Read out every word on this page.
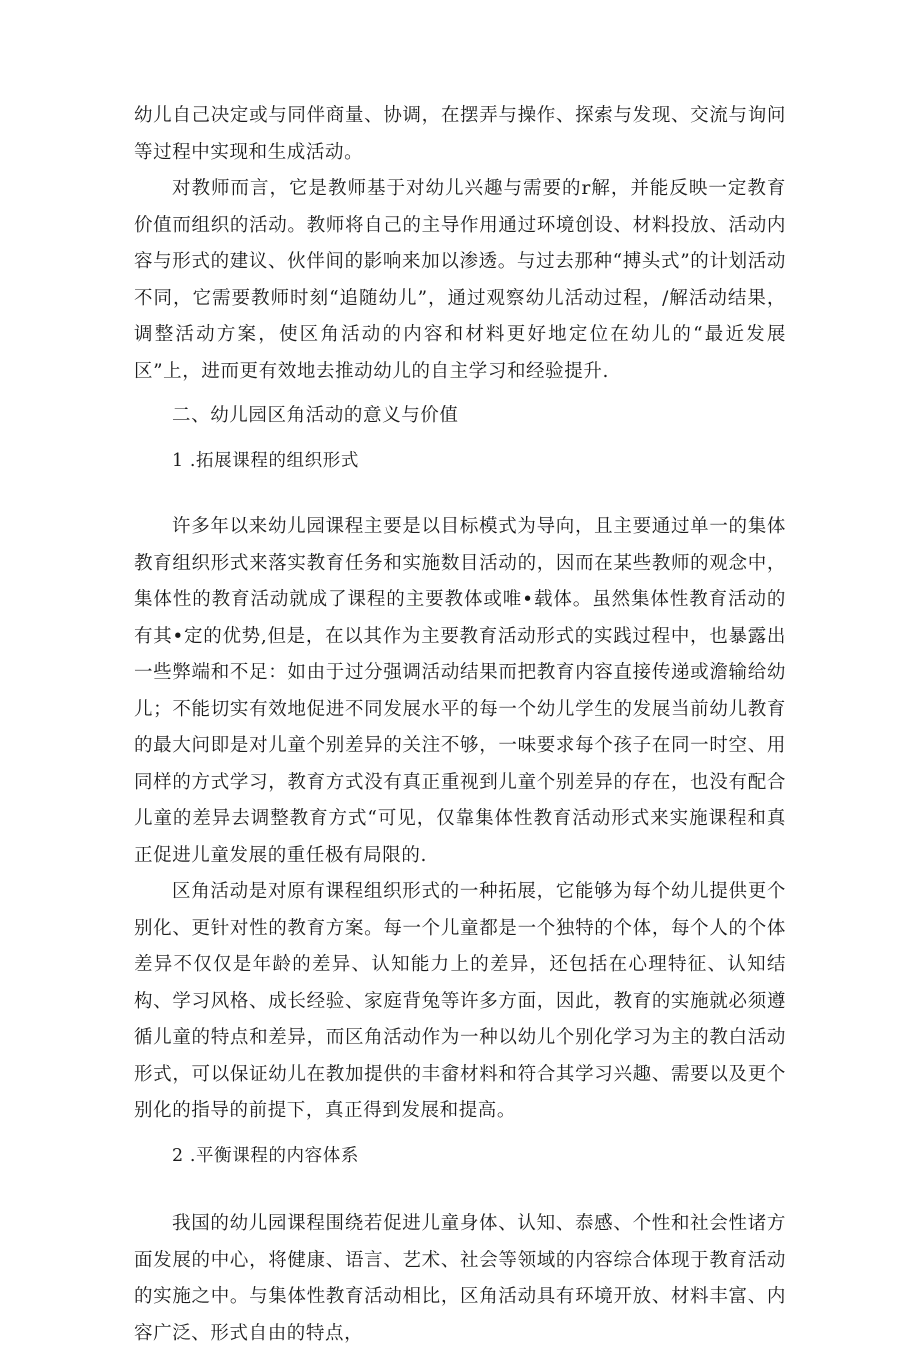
幼儿自己决定或与同伴商量、协调，在摆弄与操作、探索与发现、交流与询问等过程中实现和生成活动。

对教师而言，它是教师基于对幼儿兴趣与需要的r解，并能反映一定教育价值而组织的活动。教师将自己的主导作用通过环境创设、材料投放、活动内容与形式的建议、伙伴间的影响来加以渗透。与过去那种“搏头式”的计划活动不同，它需要教师时刻“追随幼儿”，通过观察幼儿活动过程，/解活动结果，调整活动方案，使区角活动的内容和材料更好地定位在幼儿的“最近发展区”上，进而更有效地去推动幼儿的自主学习和经验提升.

二、幼儿园区角活动的意义与价值

1 .拓展课程的组织形式

许多年以来幼儿园课程主要是以目标模式为导向，且主要通过单一的集体教育组织形式来落实教育任务和实施数目活动的，因而在某些教师的观念中，集体性的教育活动就成了课程的主要教体或唯•载体。虽然集体性教育活动的有其•定的优势,但是，在以其作为主要教育活动形式的实践过程中，也暴露出一些弊端和不足：如由于过分强调活动结果而把教育内容直接传递或澹输给幼儿；不能切实有效地促进不同发展水平的每一个幼儿学生的发展当前幼儿教育的最大问即是对儿童个别差异的关注不够，一味要求每个孩子在同一时空、用同样的方式学习，教育方式没有真正重视到儿童个别差异的存在，也没有配合儿童的差异去调整教育方式“可见，仅靠集体性教育活动形式来实施课程和真正促进儿童发展的重任极有局限的.

区角活动是对原有课程组织形式的一种拓展，它能够为每个幼儿提供更个别化、更针对性的教育方案。每一个儿童都是一个独特的个体，每个人的个体差异不仅仅是年龄的差异、认知能力上的差异，还包括在心理特征、认知结构、学习风格、成长经验、家庭背兔等许多方面，因此，教育的实施就必须遵循儿童的特点和差异，而区角活动作为一种以幼儿个别化学习为主的教白活动形式，可以保证幼儿在教加提供的丰畲材料和符合其学习兴趣、需要以及更个别化的指导的前提下，真正得到发展和提高。

2 .平衡课程的内容体系

我国的幼儿园课程围绕若促进儿童身体、认知、㤗感、个性和社会性诸方面发展的中心，将健康、语言、艺术、社会等领域的内容综合体现于教育活动的实施之中。与集体性教育活动相比，区角活动具有环境开放、材料丰富、内容广泛、形式自由的特点，
